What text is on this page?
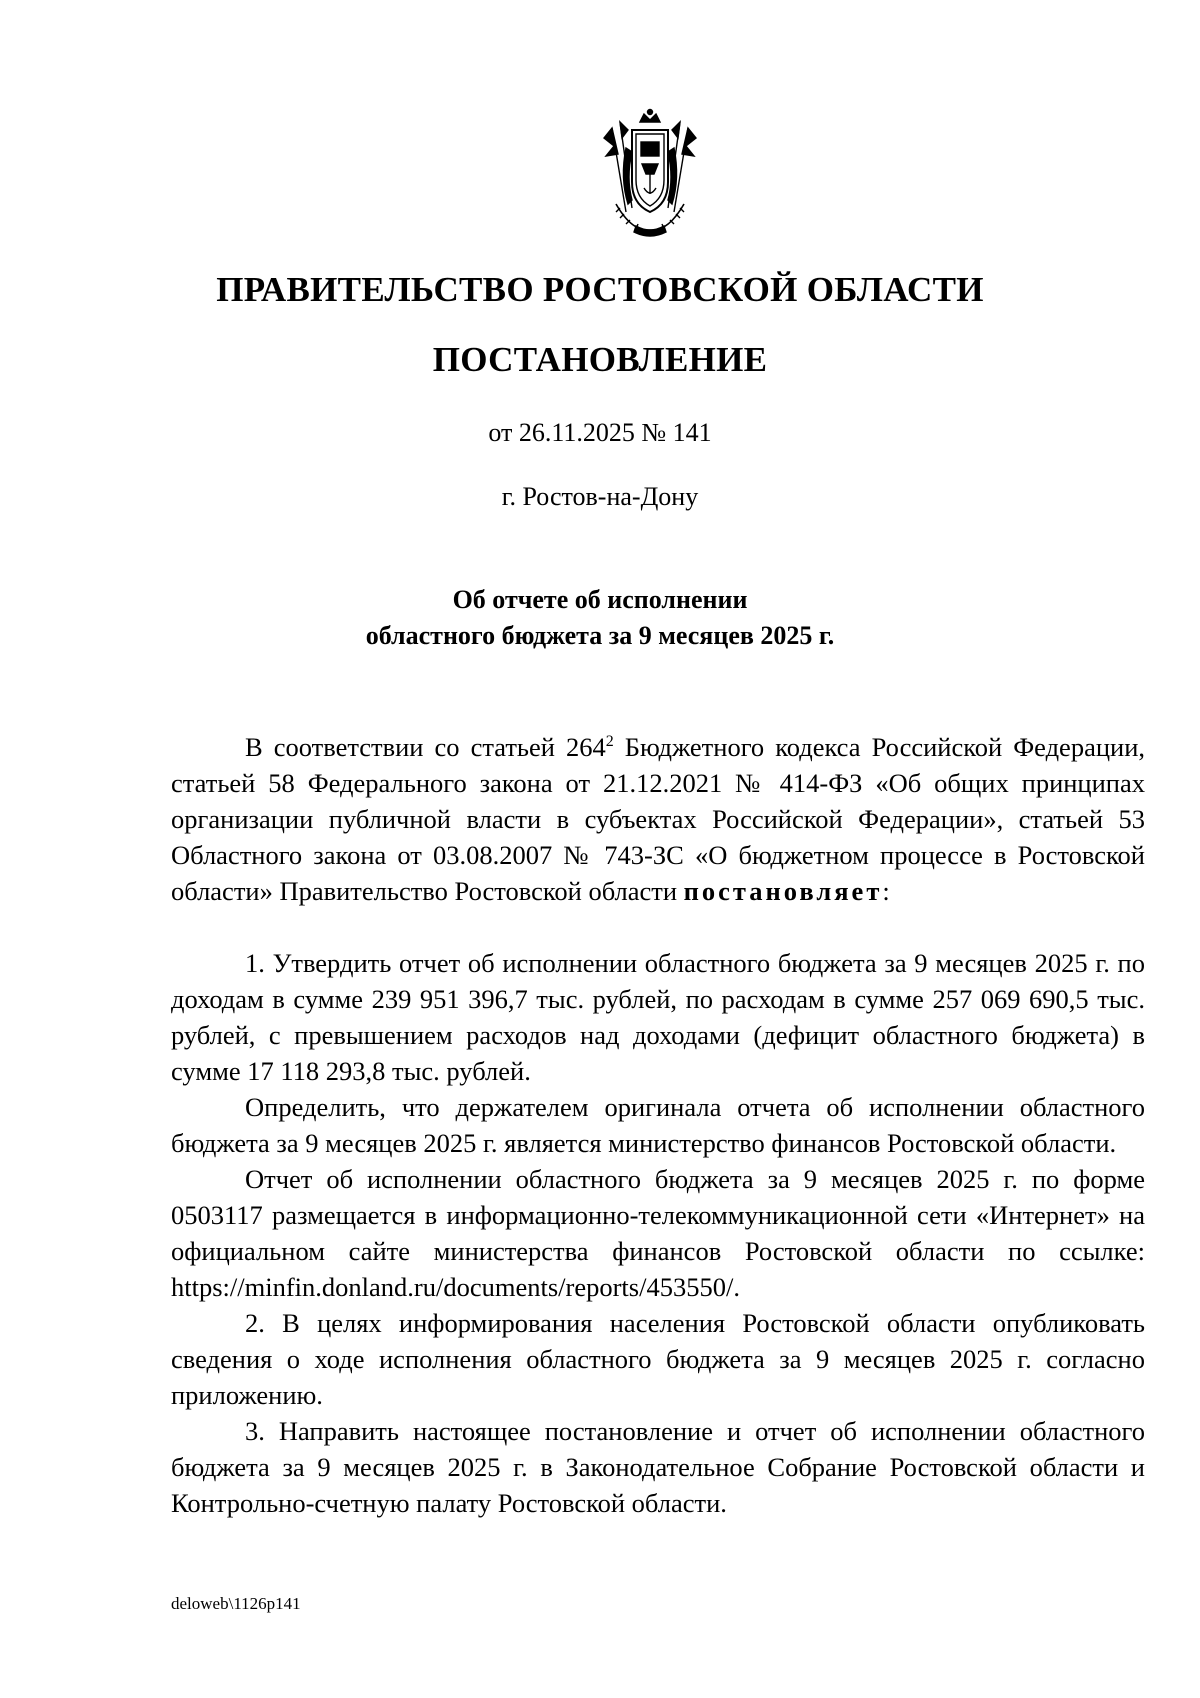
ПРАВИТЕЛЬСТВО РОСТОВСКОЙ ОБЛАСТИ
ПОСТАНОВЛЕНИЕ
от 26.11.2025 № 141
г. Ростов-на-Дону
Об отчете об исполнении
областного бюджета за 9 месяцев 2025 г.

В соответствии со статьей $264^2$ Бюджетного кодекса Российской Федерации, статьей 58 Федерального закона от 21.12.2021 № 414-ФЗ «Об общих принципах организации публичной власти в субъектах Российской Федерации», статьей 53 Областного закона от 03.08.2007 № 743-ЗС «О бюджетном процессе в Ростовской области» Правительство Ростовской области постановляет:

1. Утвердить отчет об исполнении областного бюджета за 9 месяцев 2025 г. по доходам в сумме 239 951 396,7 тыс. рублей, по расходам в сумме 257 069 690,5 тыс. рублей, с превышением расходов над доходами (дефицит областного бюджета) в сумме 17 118 293,8 тыс. рублей.

Определить, что держателем оригинала отчета об исполнении областного бюджета за 9 месяцев 2025 г. является министерство финансов Ростовской области.

Отчет об исполнении областного бюджета за 9 месяцев 2025 г. по форме 0503117 размещается в информационно-телекоммуникационной сети «Интернет» на официальном сайте министерства финансов Ростовской области по ссылке: https://minfin.donland.ru/documents/reports/453550/.

2. В целях информирования населения Ростовской области опубликовать сведения о ходе исполнения областного бюджета за 9 месяцев 2025 г. согласно приложению.

3. Направить настоящее постановление и отчет об исполнении областного бюджета за 9 месяцев 2025 г. в Законодательное Собрание Ростовской области и Контрольно-счетную палату Ростовской области.

deloweb\1126p141
